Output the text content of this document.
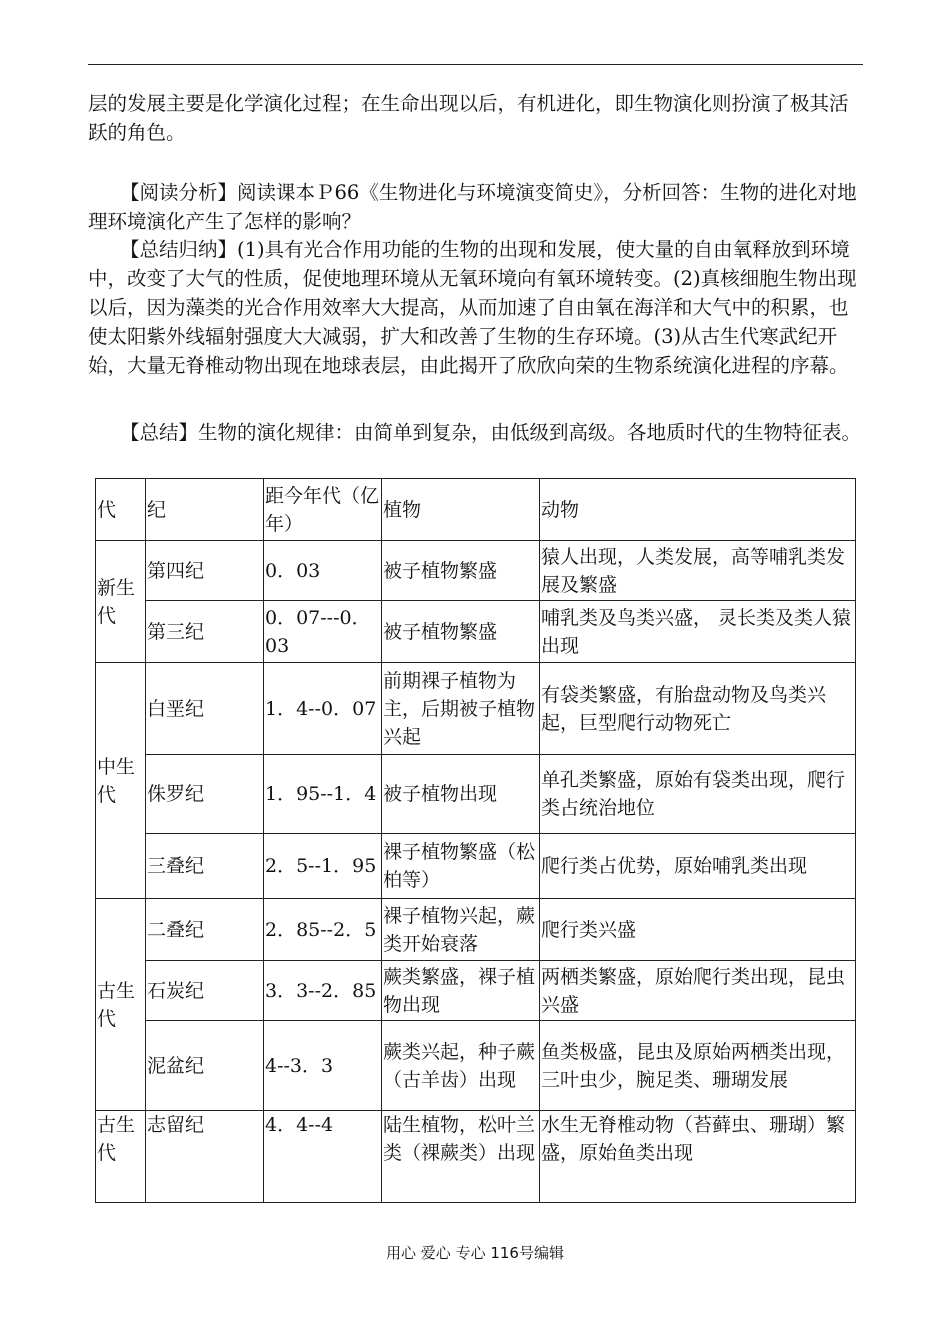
层的发展主要是化学演化过程；在生命出现以后，有机进化，即生物演化则扮演了极其活跃的角色。

【阅读分析】阅读课本Ｐ66《生物进化与环境演变简史》，分析回答：生物的进化对地理环境演化产生了怎样的影响？

【总结归纳】(1)具有光合作用功能的生物的出现和发展，使大量的自由氧释放到环境中，改变了大气的性质，促使地理环境从无氧环境向有氧环境转变。(2)真核细胞生物出现以后，因为藻类的光合作用效率大大提高，从而加速了自由氧在海洋和大气中的积累，也使太阳紫外线辐射强度大大减弱，扩大和改善了生物的生存环境。(3)从古生代寒武纪开始，大量无脊椎动物出现在地球表层，由此揭开了欣欣向荣的生物系统演化进程的序幕。

【总结】生物的演化规律：由简单到复杂，由低级到高级。各地质时代的生物特征表。

代	纪	距今年代（亿年）	植物	动物
新生代	第四纪	0．03	被子植物繁盛	猿人出现，人类发展，高等哺乳类发展及繁盛
	第三纪	0．07---0．03	被子植物繁盛	哺乳类及鸟类兴盛， 灵长类及类人猿出现
中生代	白垩纪	1．4--0．07	前期裸子植物为主，后期被子植物兴起	有袋类繁盛，有胎盘动物及鸟类兴起，巨型爬行动物死亡
	侏罗纪	1．95--1．4	被子植物出现	单孔类繁盛，原始有袋类出现，爬行类占统治地位
	三叠纪	2．5--1．95	裸子植物繁盛（松柏等）	爬行类占优势，原始哺乳类出现
古生代	二叠纪	2．85--2．5	裸子植物兴起，蕨类开始衰落	爬行类兴盛
	石炭纪	3．3--2．85	蕨类繁盛，裸子植物出现	两栖类繁盛，原始爬行类出现，昆虫兴盛
	泥盆纪	4--3．3	蕨类兴起，种子蕨（古羊齿）出现	鱼类极盛，昆虫及原始两栖类出现，三叶虫少，腕足类、珊瑚发展
古生代	志留纪	4．4--4	陆生植物，松叶兰类（裸蕨类）出现	水生无脊椎动物（苔藓虫、珊瑚）繁盛，原始鱼类出现
用心 爱心 专心 116号编辑
